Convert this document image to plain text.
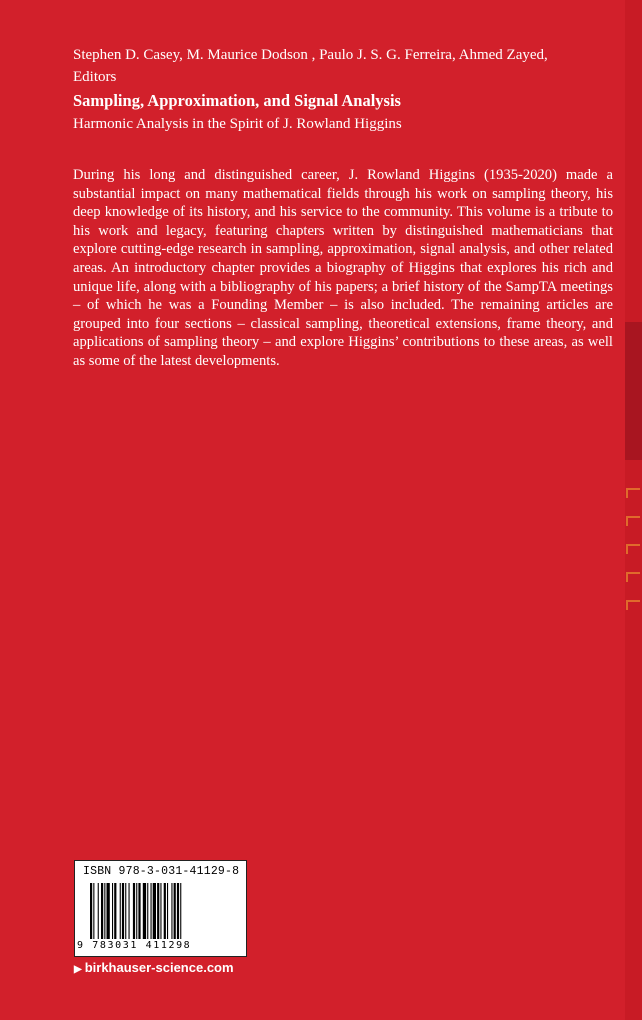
Stephen D. Casey, M. Maurice Dodson , Paulo J. S. G. Ferreira, Ahmed Zayed, Editors
Sampling, Approximation, and Signal Analysis
Harmonic Analysis in the Spirit of J. Rowland Higgins
During his long and distinguished career, J. Rowland Higgins (1935-2020) made a substantial impact on many mathematical fields through his work on sampling theory, his deep knowledge of its history, and his service to the community. This volume is a tribute to his work and legacy, featuring chapters written by distinguished mathematicians that explore cutting-edge research in sampling, approximation, signal analysis, and other related areas. An introductory chapter provides a biography of Higgins that explores his rich and unique life, along with a bibliography of his papers; a brief history of the SampTA meetings – of which he was a Founding Member – is also included. The remaining articles are grouped into four sections – classical sampling, theoretical extensions, frame theory, and applications of sampling theory – and explore Higgins’ contributions to these areas, as well as some of the latest developments.
ISBN 978-3-031-41129-8
9 783031 411298
▶ birkhauser-science.com
